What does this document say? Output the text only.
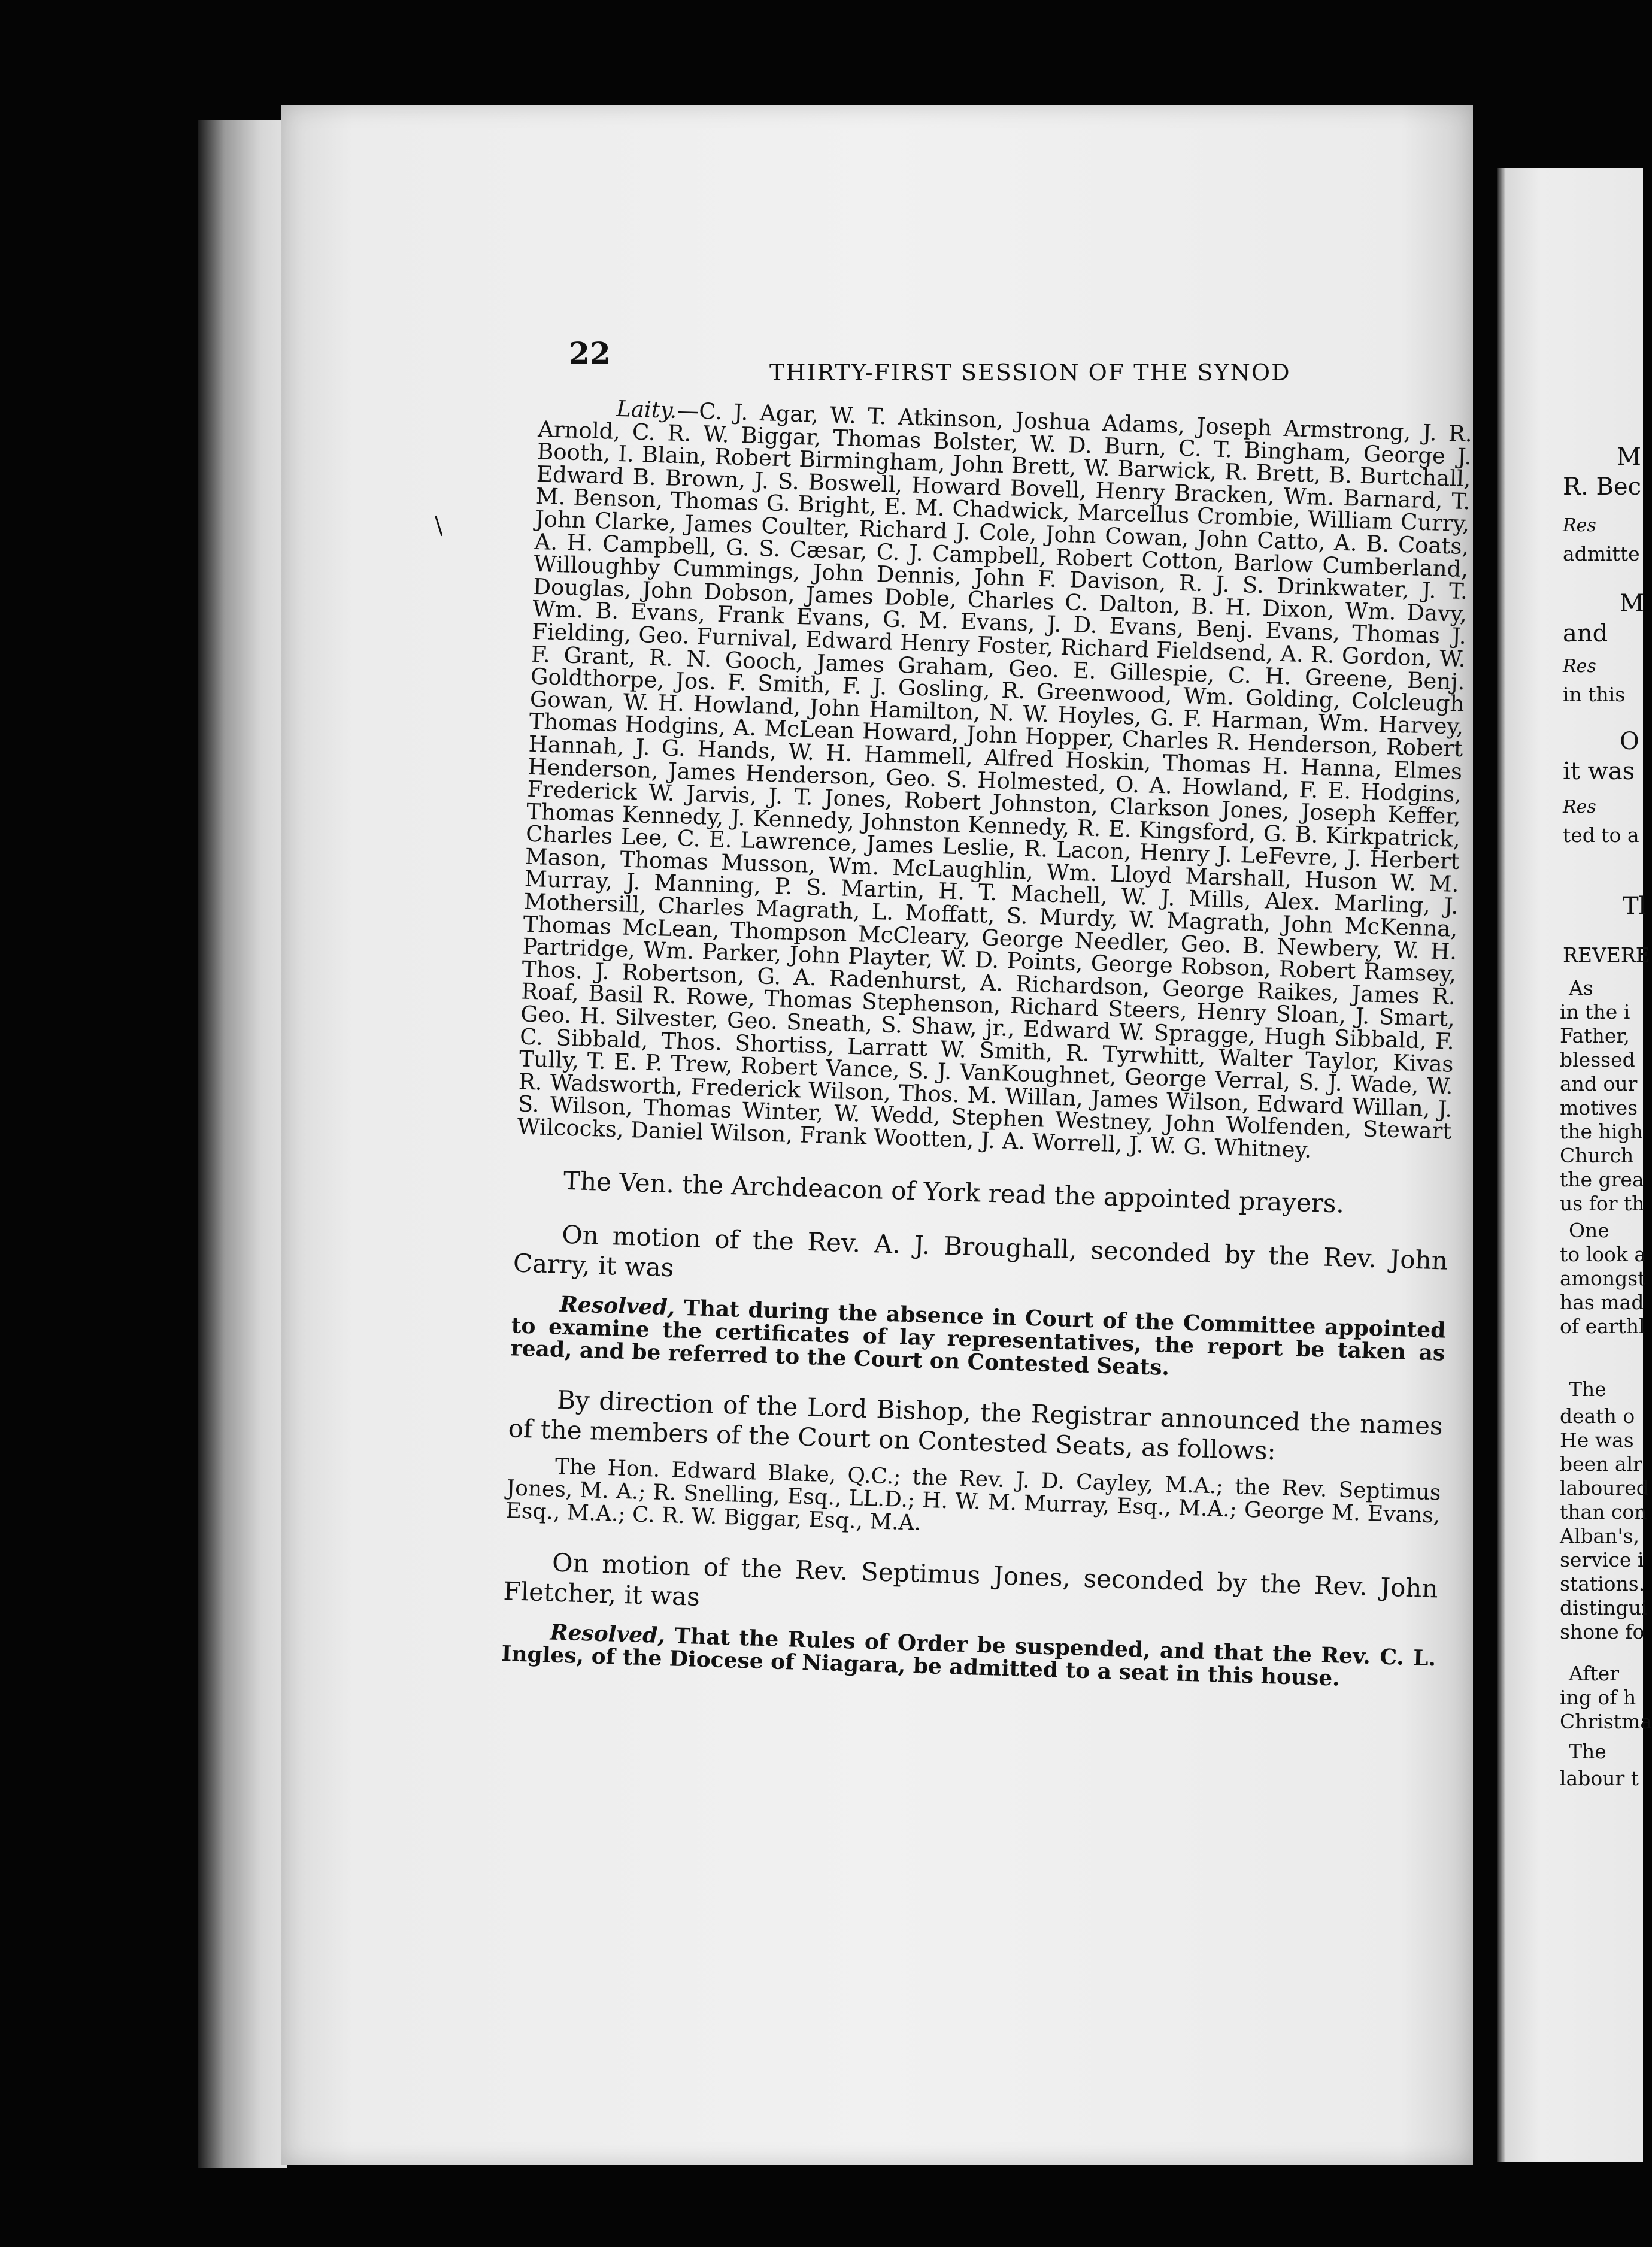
22
THIRTY-FIRST SESSION OF THE SYNOD

Laity.—C. J. Agar, W. T. Atkinson, Joshua Adams, Joseph Armstrong, J. R. Arnold, C. R. W. Biggar, Thomas Bolster, W. D. Burn, C. T. Bingham, George J. Booth, I. Blain, Robert Birmingham, John Brett, W. Barwick, R. Brett, B. Burtchall, Edward B. Brown, J. S. Boswell, Howard Bovell, Henry Bracken, Wm. Barnard, T. M. Benson, Thomas G. Bright, E. M. Chadwick, Marcellus Crombie, William Curry, John Clarke, James Coulter, Richard J. Cole, John Cowan, John Catto, A. B. Coats, A. H. Campbell, G. S. Cæsar, C. J. Campbell, Robert Cotton, Barlow Cumberland, Willoughby Cummings, John Dennis, John F. Davison, R. J. S. Drinkwater, J. T. Douglas, John Dobson, James Doble, Charles C. Dalton, B. H. Dixon, Wm. Davy, Wm. B. Evans, Frank Evans, G. M. Evans, J. D. Evans, Benj. Evans, Thomas J. Fielding, Geo. Furnival, Edward Henry Foster, Richard Fieldsend, A. R. Gordon, W. F. Grant, R. N. Gooch, James Graham, Geo. E. Gillespie, C. H. Greene, Benj. Goldthorpe, Jos. F. Smith, F. J. Gosling, R. Greenwood, Wm. Golding, Colcleugh Gowan, W. H. Howland, John Hamilton, N. W. Hoyles, G. F. Harman, Wm. Harvey, Thomas Hodgins, A. McLean Howard, John Hopper, Charles R. Henderson, Robert Hannah, J. G. Hands, W. H. Hammell, Alfred Hoskin, Thomas H. Hanna, Elmes Henderson, James Henderson, Geo. S. Holmested, O. A. Howland, F. E. Hodgins, Frederick W. Jarvis, J. T. Jones, Robert Johnston, Clarkson Jones, Joseph Keffer, Thomas Kennedy, J. Kennedy, Johnston Kennedy, R. E. Kingsford, G. B. Kirkpatrick, Charles Lee, C. E. Lawrence, James Leslie, R. Lacon, Henry J. LeFevre, J. Herbert Mason, Thomas Musson, Wm. McLaughlin, Wm. Lloyd Marshall, Huson W. M. Murray, J. Manning, P. S. Martin, H. T. Machell, W. J. Mills, Alex. Marling, J. Mothersill, Charles Magrath, L. Moffatt, S. Murdy, W. Magrath, John McKenna, Thomas McLean, Thompson McCleary, George Needler, Geo. B. Newbery, W. H. Partridge, Wm. Parker, John Playter, W. D. Points, George Robson, Robert Ramsey, Thos. J. Robertson, G. A. Radenhurst, A. Richardson, George Raikes, James R. Roaf, Basil R. Rowe, Thomas Stephenson, Richard Steers, Henry Sloan, J. Smart, Geo. H. Silvester, Geo. Sneath, S. Shaw, jr., Edward W. Spragge, Hugh Sibbald, F. C. Sibbald, Thos. Shortiss, Larratt W. Smith, R. Tyrwhitt, Walter Taylor, Kivas Tully, T. E. P. Trew, Robert Vance, S. J. VanKoughnet, George Verral, S. J. Wade, W. R. Wadsworth, Frederick Wilson, Thos. M. Willan, James Wilson, Edward Willan, J. S. Wilson, Thomas Winter, W. Wedd, Stephen Westney, John Wolfenden, Stewart Wilcocks, Daniel Wilson, Frank Wootten, J. A. Worrell, J. W. G. Whitney.

The Ven. the Archdeacon of York read the appointed prayers.

On motion of the Rev. A. J. Broughall, seconded by the Rev. John Carry, it was

Resolved, That during the absence in Court of the Committee appointed to examine the certificates of lay representatives, the report be taken as read, and be referred to the Court on Contested Seats.

By direction of the Lord Bishop, the Registrar announced the names of the members of the Court on Contested Seats, as follows:

The Hon. Edward Blake, Q.C.; the Rev. J. D. Cayley, M.A.; the Rev. Septimus Jones, M. A.; R. Snelling, Esq., LL.D.; H. W. M. Murray, Esq., M.A.; George M. Evans, Esq., M.A.; C. R. W. Biggar, Esq., M.A.

On motion of the Rev. Septimus Jones, seconded by the Rev. John Fletcher, it was

Resolved, That the Rules of Order be suspended, and that the Rev. C. L. Ingles, of the Diocese of Niagara, be admitted to a seat in this house.

M
R. Bec
Res
admitte
M
and
Res
in this
O
it was
Res
ted to a
Tl
REVERE
As
in the i
Father,
blessed
and our
motives
the high
Church
the grea
us for th
One
to look a
amongst
has mad
of earthl
The
death o
He was
been alr
laboured
than con
Alban's,
service i
stations.
distingui
shone fo
After
ing of h
Christma
The
labour t
/
